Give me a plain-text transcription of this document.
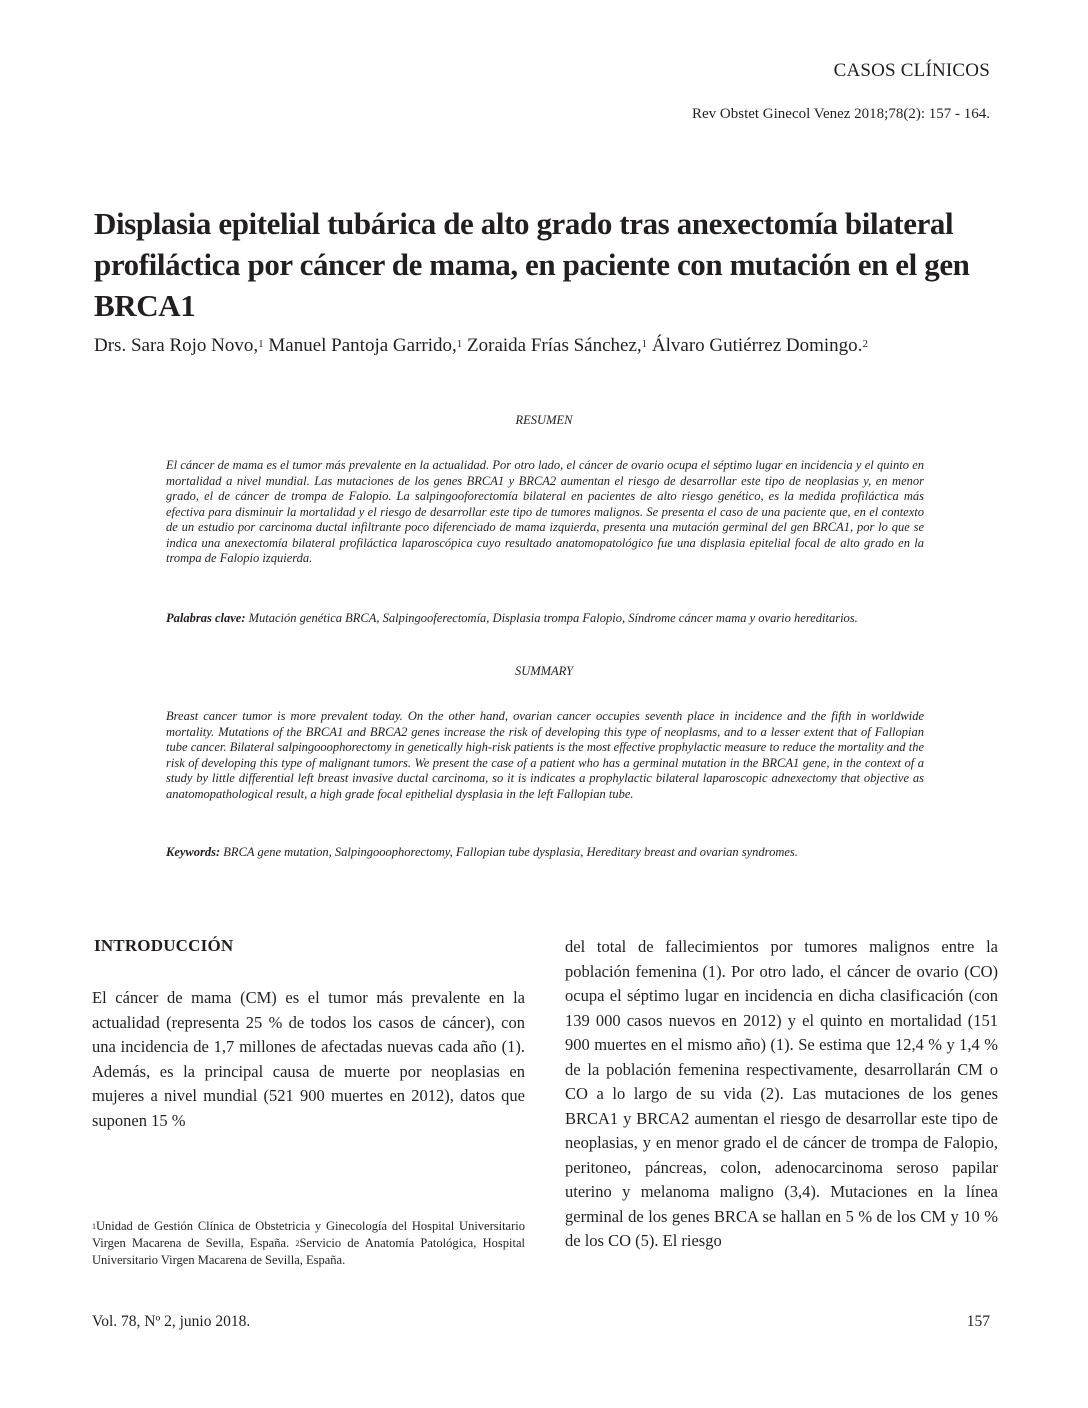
CASOS CLÍNICOS
Rev Obstet Ginecol Venez 2018;78(2): 157 - 164.
Displasia epitelial tubárica de alto grado tras anexectomía bilateral profiláctica por cáncer de mama, en paciente con mutación en el gen BRCA1
Drs. Sara Rojo Novo,$^1$ Manuel Pantoja Garrido,$^1$ Zoraida Frías Sánchez,$^1$ Álvaro Gutiérrez Domingo.$^2$
RESUMEN
El cáncer de mama es el tumor más prevalente en la actualidad. Por otro lado, el cáncer de ovario ocupa el séptimo lugar en incidencia y el quinto en mortalidad a nivel mundial. Las mutaciones de los genes BRCA1 y BRCA2 aumentan el riesgo de desarrollar este tipo de neoplasias y, en menor grado, el de cáncer de trompa de Falopio. La salpingooforectomía bilateral en pacientes de alto riesgo genético, es la medida profiláctica más efectiva para disminuir la mortalidad y el riesgo de desarrollar este tipo de tumores malignos. Se presenta el caso de una paciente que, en el contexto de un estudio por carcinoma ductal infiltrante poco diferenciado de mama izquierda, presenta una mutación germinal del gen BRCA1, por lo que se indica una anexectomía bilateral profiláctica laparoscópica cuyo resultado anatomopatológico fue una displasia epitelial focal de alto grado en la trompa de Falopio izquierda.
Palabras clave: Mutación genética BRCA, Salpingooferectomía, Displasia trompa Falopio, Síndrome cáncer mama y ovario hereditarios.
SUMMARY
Breast cancer tumor is more prevalent today. On the other hand, ovarian cancer occupies seventh place in incidence and the fifth in worldwide mortality. Mutations of the BRCA1 and BRCA2 genes increase the risk of developing this type of neoplasms, and to a lesser extent that of Fallopian tube cancer. Bilateral salpingooophorectomy in genetically high-risk patients is the most effective prophylactic measure to reduce the mortality and the risk of developing this type of malignant tumors. We present the case of a patient who has a germinal mutation in the BRCA1 gene, in the context of a study by little differential left breast invasive ductal carcinoma, so it is indicates a prophylactic bilateral laparoscopic adnexectomy that objective as anatomopathological result, a high grade focal epithelial dysplasia in the left Fallopian tube.
Keywords: BRCA gene mutation, Salpingooophorectomy, Fallopian tube dysplasia, Hereditary breast and ovarian syndromes.
INTRODUCCIÓN
El cáncer de mama (CM) es el tumor más prevalente en la actualidad (representa 25 % de todos los casos de cáncer), con una incidencia de 1,7 millones de afectadas nuevas cada año (1). Además, es la principal causa de muerte por neoplasias en mujeres a nivel mundial (521 900 muertes en 2012), datos que suponen 15 %
del total de fallecimientos por tumores malignos entre la población femenina (1). Por otro lado, el cáncer de ovario (CO) ocupa el séptimo lugar en incidencia en dicha clasificación (con 139 000 casos nuevos en 2012) y el quinto en mortalidad (151 900 muertes en el mismo año) (1). Se estima que 12,4 % y 1,4 % de la población femenina respectivamente, desarrollarán CM o CO a lo largo de su vida (2). Las mutaciones de los genes BRCA1 y BRCA2 aumentan el riesgo de desarrollar este tipo de neoplasias, y en menor grado el de cáncer de trompa de Falopio, peritoneo, páncreas, colon, adenocarcinoma seroso papilar uterino y melanoma maligno (3,4). Mutaciones en la línea germinal de los genes BRCA se hallan en 5 % de los CM y 10 % de los CO (5). El riesgo
$^1$Unidad de Gestión Clínica de Obstetricia y Ginecología del Hospital Universitario Virgen Macarena de Sevilla, España. $^2$Servicio de Anatomía Patológica, Hospital Universitario Virgen Macarena de Sevilla, España.
Vol. 78, Nº 2, junio 2018.	157
